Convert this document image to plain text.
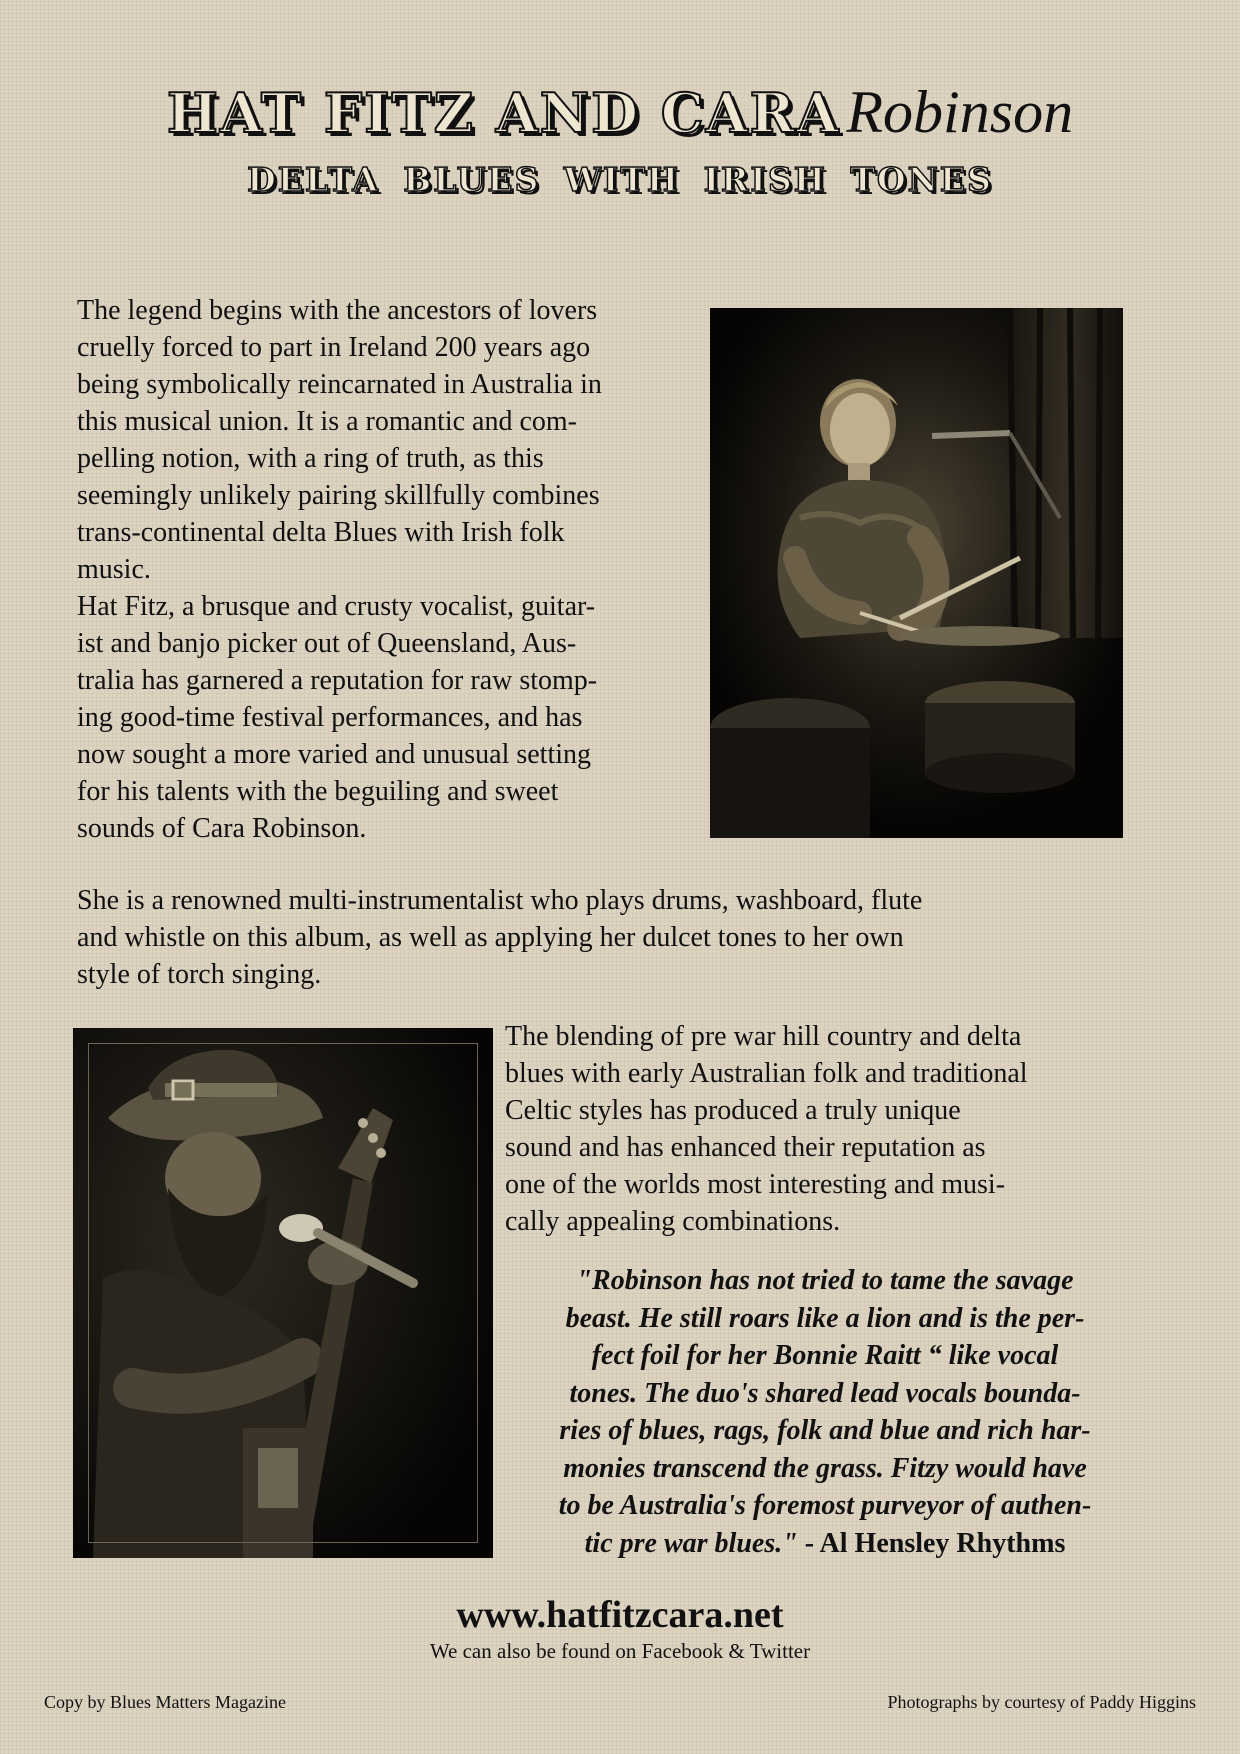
HAT FITZ AND CARA Robinson
DELTA BLUES WITH IRISH TONES

The legend begins with the ancestors of lovers
cruelly forced to part in Ireland 200 years ago
being symbolically reincarnated in Australia in
this musical union. It is a romantic and com-
pelling notion, with a ring of truth, as this
seemingly unlikely pairing skillfully combines
trans-continental delta Blues with Irish folk
music.
Hat Fitz, a brusque and crusty vocalist, guitar-
ist and banjo picker out of Queensland, Aus-
tralia has garnered a reputation for raw stomp-
ing good-time festival performances, and has
now sought a more varied and unusual setting
for his talents with the beguiling and sweet
sounds of Cara Robinson.

She is a renowned multi-instrumentalist who plays drums, washboard, flute
and whistle on this album, as well as applying her dulcet tones to her own
style of torch singing.

The blending of pre war hill country and delta
blues with early Australian folk and traditional
Celtic styles has produced a truly unique
sound and has enhanced their reputation as
one of the worlds most interesting and musi-
cally appealing combinations.

"Robinson has not tried to tame the savage
beast. He still roars like a lion and is the per-
fect foil for her Bonnie Raitt “ like vocal
tones. The duo's shared lead vocals bounda-
ries of blues, rags, folk and blue and rich har-
monies transcend the grass. Fitzy would have
to be Australia's foremost purveyor of authen-
tic pre war blues." - Al Hensley Rhythms

www.hatfitzcara.net
We can also be found on Facebook & Twitter
Copy by Blues Matters Magazine	Photographs by courtesy of Paddy Higgins
